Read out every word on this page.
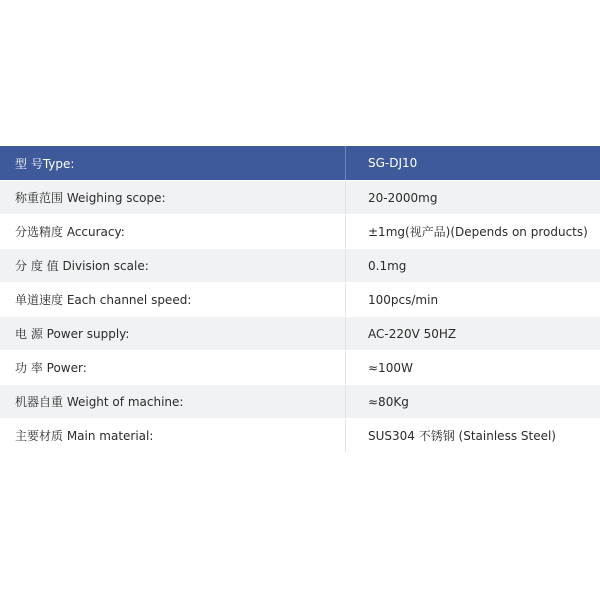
型 号Type:	SG-DJ10
称重范围 Weighing scope:	20-2000mg
分选精度 Accuracy:	±1mg(视产品)(Depends on products)
分 度 值 Division scale:	0.1mg
单道速度 Each channel speed:	100pcs/min
电 源 Power supply:	AC-220V 50HZ
功 率 Power:	≈100W
机器自重 Weight of machine:	≈80Kg
主要材质 Main material:	SUS304 不锈钢 (Stainless Steel)
